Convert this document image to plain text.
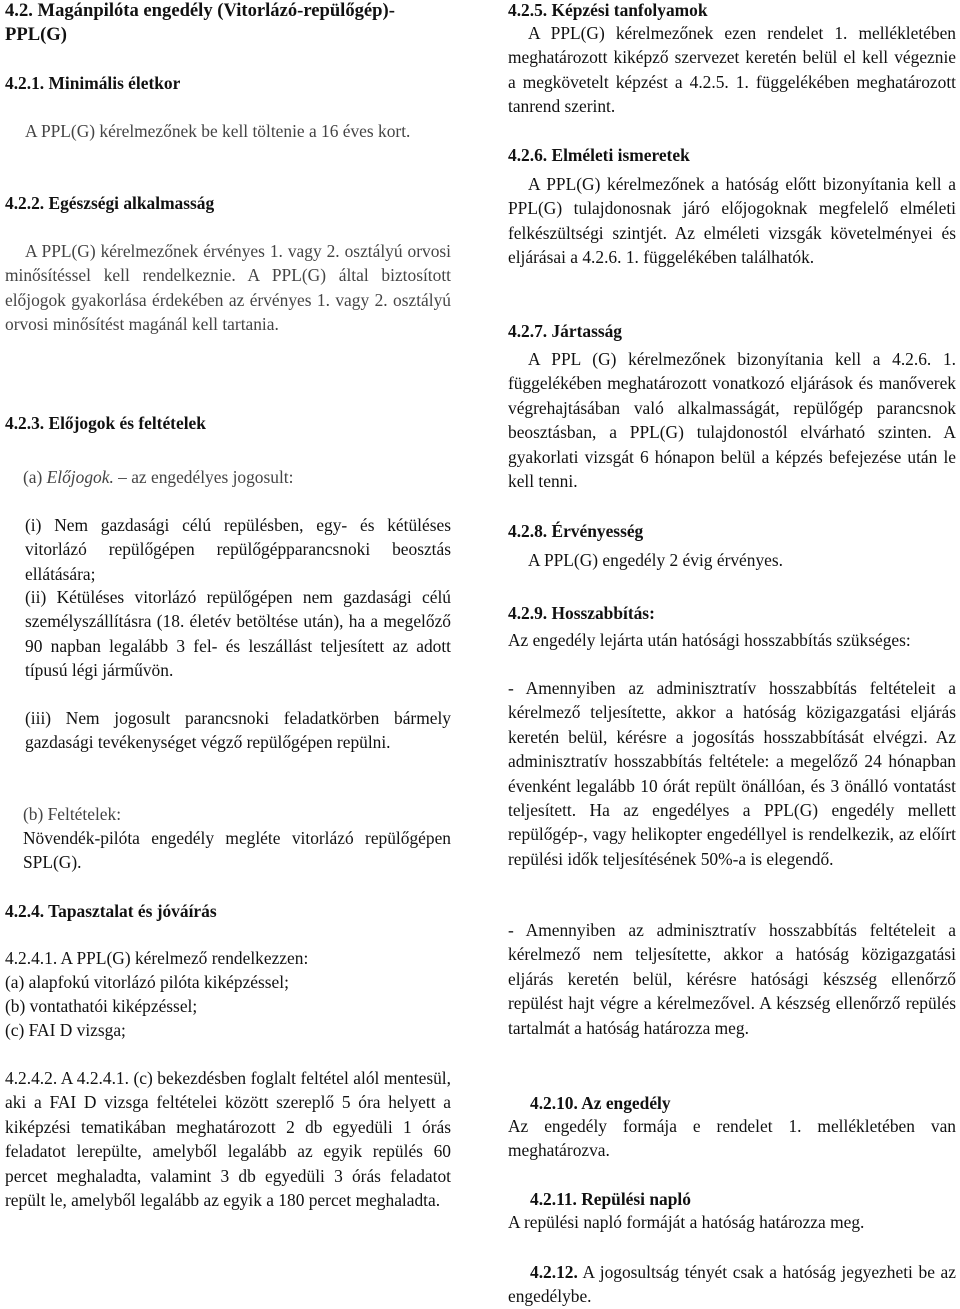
4.2. Magánpilóta engedély (Vitorlázó-repülőgép)-PPL(G)

4.2.1. Minimális életkor

A PPL(G) kérelmezőnek be kell töltenie a 16 éves kort.

4.2.2. Egészségi alkalmasság

A PPL(G) kérelmezőnek érvényes 1. vagy 2. osztályú orvosi minősítéssel kell rendelkeznie. A PPL(G) által biztosított előjogok gyakorlása érdekében az érvényes 1. vagy 2. osztályú orvosi minősítést magánál kell tartania.

4.2.3. Előjogok és feltételek

(a) Előjogok. – az engedélyes jogosult:

(i) Nem gazdasági célú repülésben, egy- és kétüléses vitorlázó repülőgépen repülőgépparancsnoki beosztás ellátására;

(ii) Kétüléses vitorlázó repülőgépen nem gazdasági célú személyszállításra (18. életév betöltése után), ha a megelőző 90 napban legalább 3 fel- és leszállást teljesített az adott típusú légi járművön.

(iii) Nem jogosult parancsnoki feladatkörben bármely gazdasági tevékenységet végző repülőgépen repülni.

(b) Feltételek:

Növendék-pilóta engedély megléte vitorlázó repülőgépen SPL(G).

4.2.4. Tapasztalat és jóváírás

4.2.4.1. A PPL(G) kérelmező rendelkezzen:

(a) alapfokú vitorlázó pilóta kiképzéssel;

(b) vontathatói kiképzéssel;

(c) FAI D vizsga;

4.2.4.2. A 4.2.4.1. (c) bekezdésben foglalt feltétel alól mentesül, aki a FAI D vizsga feltételei között szereplő 5 óra helyett a kiképzési tematikában meghatározott 2 db egyedüli 1 órás feladatot lerepülte, amelyből legalább az egyik repülés 60 percet meghaladta, valamint 3 db egyedüli 3 órás feladatot repült le, amelyből legalább az egyik a 180 percet meghaladta.

4.2.5. Képzési tanfolyamok

A PPL(G) kérelmezőnek ezen rendelet 1. mellékletében meghatározott kiképző szervezet keretén belül el kell végeznie a megkövetelt képzést a 4.2.5. 1. függelékében meghatározott tanrend szerint.

4.2.6. Elméleti ismeretek

A PPL(G) kérelmezőnek a hatóság előtt bizonyítania kell a PPL(G) tulajdonosnak járó előjogoknak megfelelő elméleti felkészültségi szintjét. Az elméleti vizsgák követelményei és eljárásai a 4.2.6. 1. függelékében találhatók.

4.2.7. Jártasság

A PPL (G) kérelmezőnek bizonyítania kell a 4.2.6. 1. függelékében meghatározott vonatkozó eljárások és manőverek végrehajtásában való alkalmasságát, repülőgép parancsnok beosztásban, a PPL(G) tulajdonostól elvárható szinten. A gyakorlati vizsgát 6 hónapon belül a képzés befejezése után le kell tenni.

4.2.8. Érvényesség

A PPL(G) engedély 2 évig érvényes.

4.2.9. Hosszabbítás:

Az engedély lejárta után hatósági hosszabbítás szükséges:

- Amennyiben az adminisztratív hosszabbítás feltételeit a kérelmező teljesítette, akkor a hatóság közigazgatási eljárás keretén belül, kérésre a jogosítás hosszabbítását elvégzi. Az adminisztratív hosszabbítás feltétele: a megelőző 24 hónapban évenként legalább 10 órát repült önállóan, és 3 önálló vontatást teljesített. Ha az engedélyes a PPL(G) engedély mellett repülőgép-, vagy helikopter engedéllyel is rendelkezik, az előírt repülési idők teljesítésének 50%-a is elegendő.

- Amennyiben az adminisztratív hosszabbítás feltételeit a kérelmező nem teljesítette, akkor a hatóság közigazgatási eljárás keretén belül, kérésre hatósági készség ellenőrző repülést hajt végre a kérelmezővel. A készség ellenőrző repülés tartalmát a hatóság határozza meg.

4.2.10. Az engedély

Az engedély formája e rendelet 1. mellékletében van meghatározva.

4.2.11. Repülési napló

A repülési napló formáját a hatóság határozza meg.

4.2.12. A jogosultság tényét csak a hatóság jegyezheti be az engedélybe.
